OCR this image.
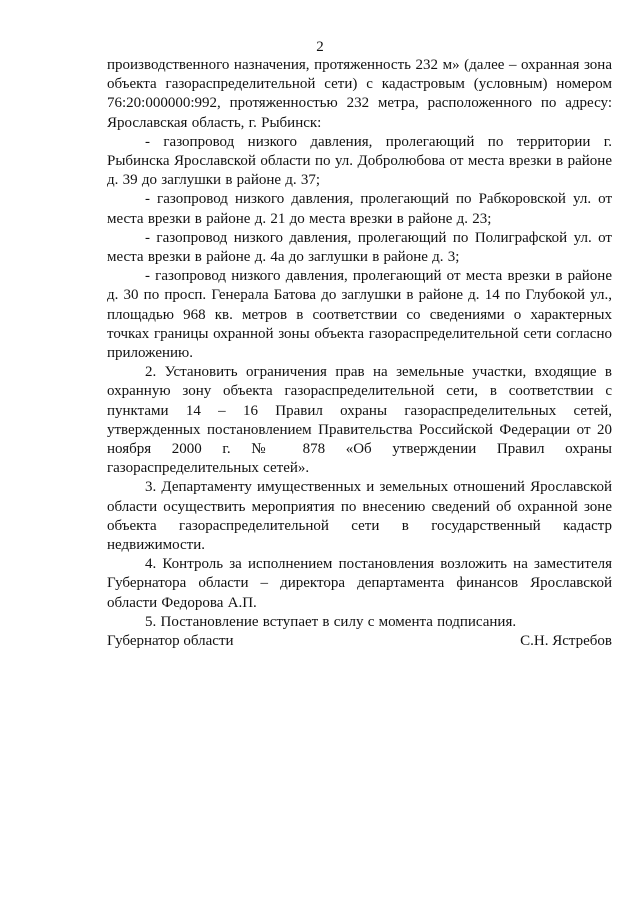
2

производственного назначения, протяженность 232 м» (далее – охранная зона объекта газораспределительной сети) с кадастровым (условным) номером 76:20:000000:992, протяженностью 232 метра, расположенного по адресу: Ярославская область, г. Рыбинск:

- газопровод низкого давления, пролегающий по территории г. Рыбинска Ярославской области по ул. Добролюбова от места врезки в районе д. 39 до заглушки в районе д. 37;

- газопровод низкого давления, пролегающий по Рабкоровской ул. от места врезки в районе д. 21 до места врезки в районе д. 23;

- газопровод низкого давления, пролегающий по Полиграфской ул. от места врезки в районе д. 4а до заглушки в районе д. 3;

- газопровод низкого давления, пролегающий от места врезки в районе д. 30 по просп. Генерала Батова до заглушки в районе д. 14 по Глубокой ул., площадью 968 кв. метров в соответствии со сведениями о характерных точках границы охранной зоны объекта газораспределительной сети согласно приложению.

2. Установить ограничения прав на земельные участки, входящие в охранную зону объекта газораспределительной сети, в соответствии с пунктами 14 – 16 Правил охраны газораспределительных сетей, утвержденных постановлением Правительства Российской Федерации от 20 ноября 2000 г. № 878 «Об утверждении Правил охраны газораспределительных сетей».

3. Департаменту имущественных и земельных отношений Ярославской области осуществить мероприятия по внесению сведений об охранной зоне объекта газораспределительной сети в государственный кадастр недвижимости.

4. Контроль за исполнением постановления возложить на заместителя Губернатора области – директора департамента финансов Ярославской области Федорова А.П.

5. Постановление вступает в силу с момента подписания.

Губернатор области	С.Н. Ястребов
